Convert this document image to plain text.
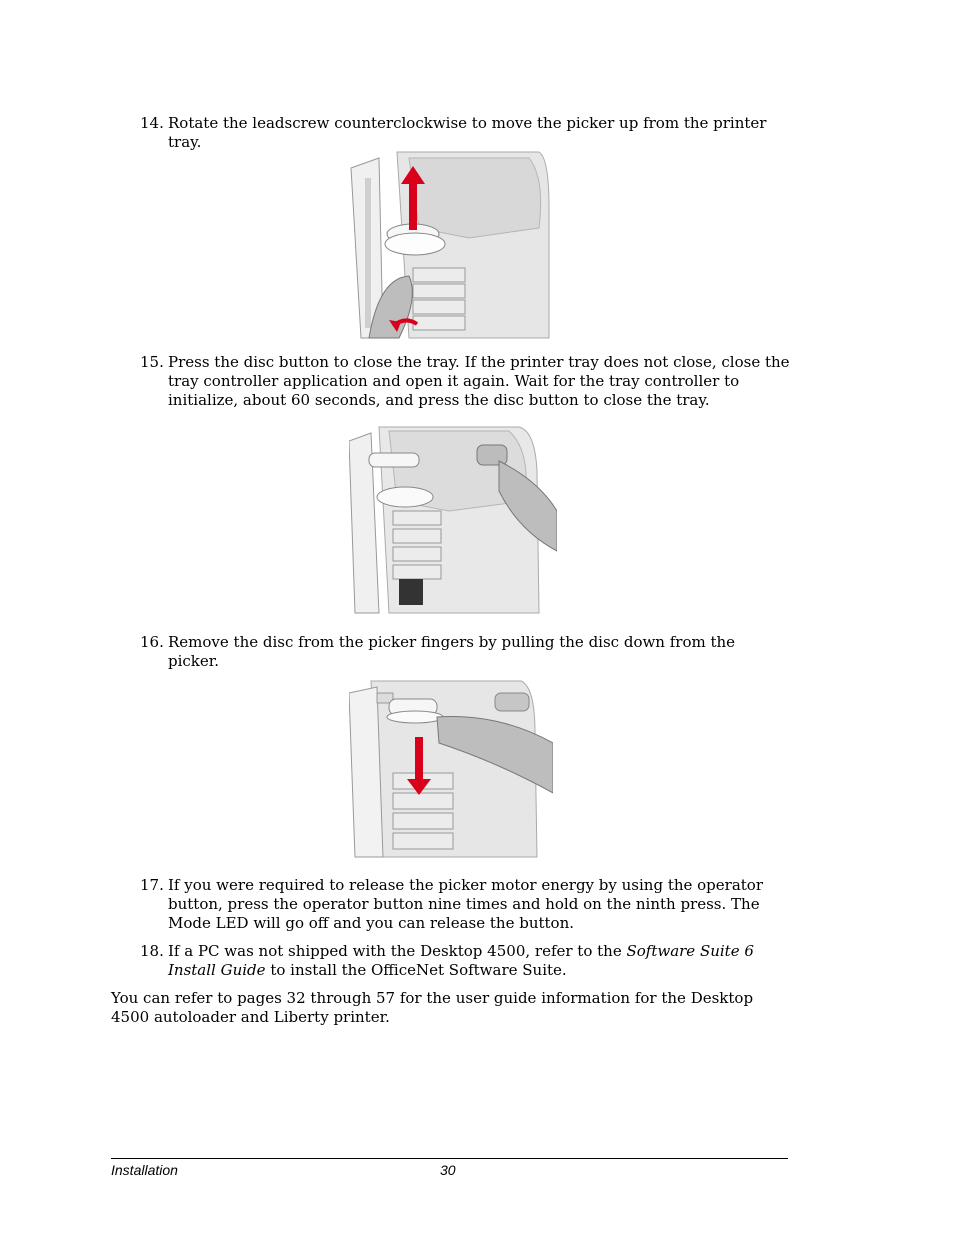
14. Rotate the leadscrew counterclockwise to move the picker up from the printer tray.
15. Press the disc button to close the tray. If the printer tray does not close, close the tray controller application and open it again. Wait for the tray controller to initialize, about 60 seconds, and press the disc button to close the tray.
16. Remove the disc from the picker fingers by pulling the disc down from the picker.
17. If you were required to release the picker motor energy by using the operator button, press the operator button nine times and hold on the ninth press. The Mode LED will go off and you can release the button.
18. If a PC was not shipped with the Desktop 4500, refer to the Software Suite 6 Install Guide to install the OfficeNet Software Suite.
You can refer to pages 32 through 57 for the user guide information for the Desktop 4500 autoloader and Liberty printer.
Installation	30
